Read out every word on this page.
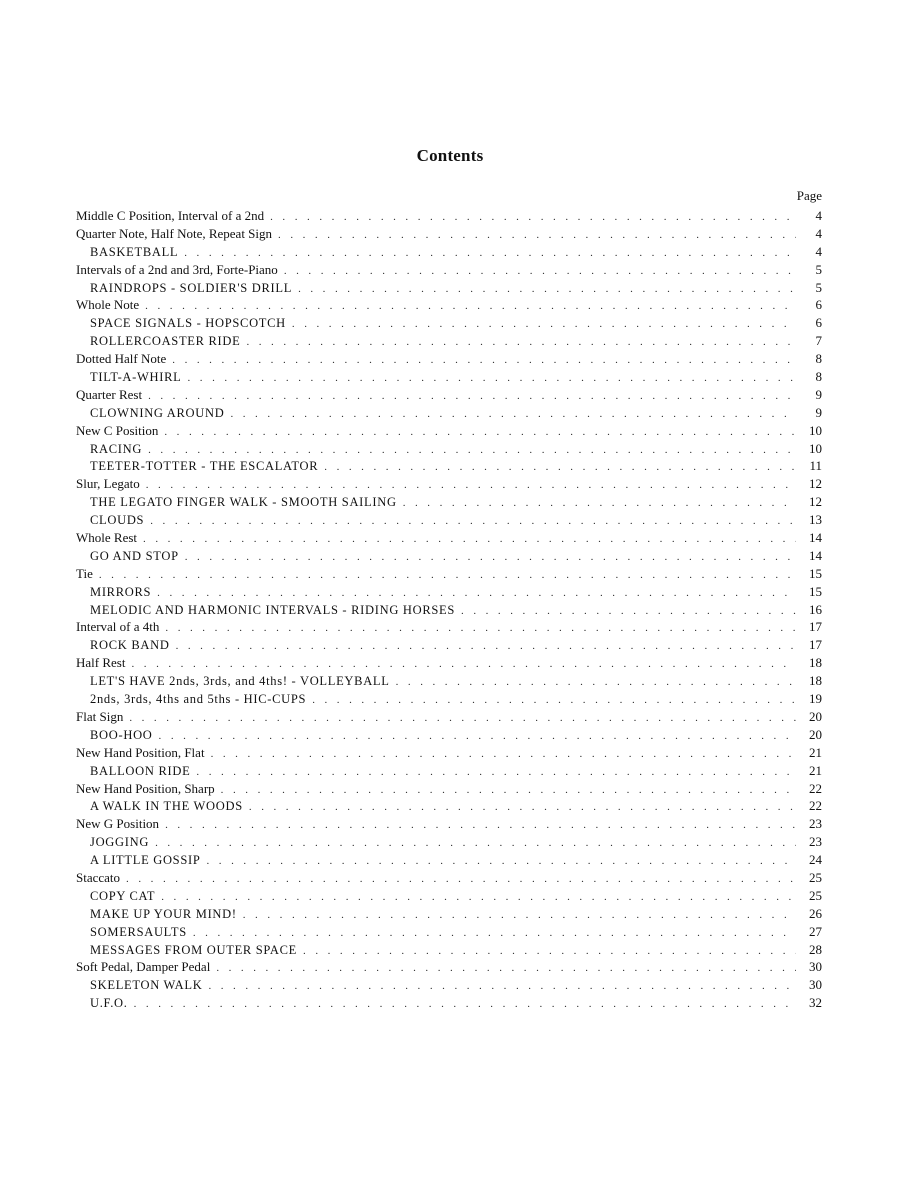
Contents
Page
Middle C Position, Interval of a 2nd . . .	4
Quarter Note, Half Note, Repeat Sign . . .	4
BASKETBALL . . .	4
Intervals of a 2nd and 3rd, Forte-Piano . . .	5
RAINDROPS - SOLDIER'S DRILL . . .	5
Whole Note . . .	6
SPACE SIGNALS - HOPSCOTCH . . .	6
ROLLERCOASTER RIDE . . .	7
Dotted Half Note . . .	8
TILT-A-WHIRL . . .	8
Quarter Rest . . .	9
CLOWNING AROUND . . .	9
New C Position . . .	10
RACING . . .	10
TEETER-TOTTER - THE ESCALATOR . . .	11
Slur, Legato . . .	12
THE LEGATO FINGER WALK - SMOOTH SAILING . . .	12
CLOUDS . . .	13
Whole Rest . . .	14
GO AND STOP . . .	14
Tie . . .	15
MIRRORS . . .	15
MELODIC AND HARMONIC INTERVALS - RIDING HORSES . . .	16
Interval of a 4th . . .	17
ROCK BAND . . .	17
Half Rest . . .	18
LET'S HAVE 2nds, 3rds, and 4ths! - VOLLEYBALL . . .	18
2nds, 3rds, 4ths and 5ths - HIC-CUPS . . .	19
Flat Sign . . .	20
BOO-HOO . . .	20
New Hand Position, Flat . . .	21
BALLOON RIDE . . .	21
New Hand Position, Sharp . . .	22
A WALK IN THE WOODS . . .	22
New G Position . . .	23
JOGGING . . .	23
A LITTLE GOSSIP . . .	24
Staccato . . .	25
COPY CAT . . .	25
MAKE UP YOUR MIND! . . .	26
SOMERSAULTS . . .	27
MESSAGES FROM OUTER SPACE . . .	28
Soft Pedal, Damper Pedal . . .	30
SKELETON WALK . . .	30
U.F.O. . . .	32
